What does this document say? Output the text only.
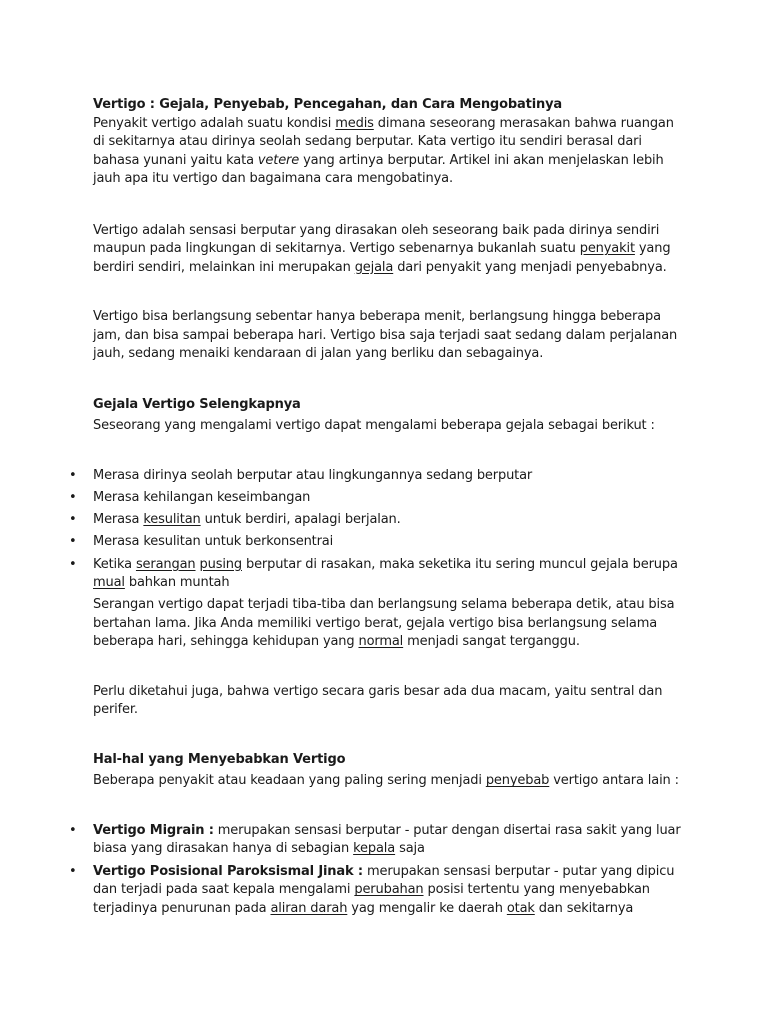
Vertigo : Gejala, Penyebab, Pencegahan, dan Cara Mengobatinya

Penyakit vertigo adalah suatu kondisi medis dimana seseorang merasakan bahwa ruangan di sekitarnya atau dirinya seolah sedang berputar. Kata vertigo itu sendiri berasal dari bahasa yunani yaitu kata vetere yang artinya berputar. Artikel ini akan menjelaskan lebih jauh apa itu vertigo dan bagaimana cara mengobatinya.

Vertigo adalah sensasi berputar yang dirasakan oleh seseorang baik pada dirinya sendiri maupun pada lingkungan di sekitarnya. Vertigo sebenarnya bukanlah suatu penyakit yang berdiri sendiri, melainkan ini merupakan gejala dari penyakit yang menjadi penyebabnya.

Vertigo bisa berlangsung sebentar hanya beberapa menit, berlangsung hingga beberapa jam, dan bisa sampai beberapa hari. Vertigo bisa saja terjadi saat sedang dalam perjalanan jauh, sedang menaiki kendaraan di jalan yang berliku dan sebagainya.

Gejala Vertigo Selengkapnya

Seseorang yang mengalami vertigo dapat mengalami beberapa gejala sebagai berikut :

• Merasa dirinya seolah berputar atau lingkungannya sedang berputar
• Merasa kehilangan keseimbangan
• Merasa kesulitan untuk berdiri, apalagi berjalan.
• Merasa kesulitan untuk berkonsentrai
• Ketika serangan pusing berputar di rasakan, maka seketika itu sering muncul gejala berupa mual bahkan muntah

Serangan vertigo dapat terjadi tiba-tiba dan berlangsung selama beberapa detik, atau bisa bertahan lama. Jika Anda memiliki vertigo berat, gejala vertigo bisa berlangsung selama beberapa hari, sehingga kehidupan yang normal menjadi sangat terganggu.

Perlu diketahui juga, bahwa vertigo secara garis besar ada dua macam, yaitu sentral dan perifer.

Hal-hal yang Menyebabkan Vertigo

Beberapa penyakit atau keadaan yang paling sering menjadi penyebab vertigo antara lain :

• Vertigo Migrain : merupakan sensasi berputar - putar dengan disertai rasa sakit yang luar biasa yang dirasakan hanya di sebagian kepala saja
• Vertigo Posisional Paroksismal Jinak : merupakan sensasi berputar - putar yang dipicu dan terjadi pada saat kepala mengalami perubahan posisi tertentu yang menyebabkan terjadinya penurunan pada aliran darah yag mengalir ke daerah otak dan sekitarnya
